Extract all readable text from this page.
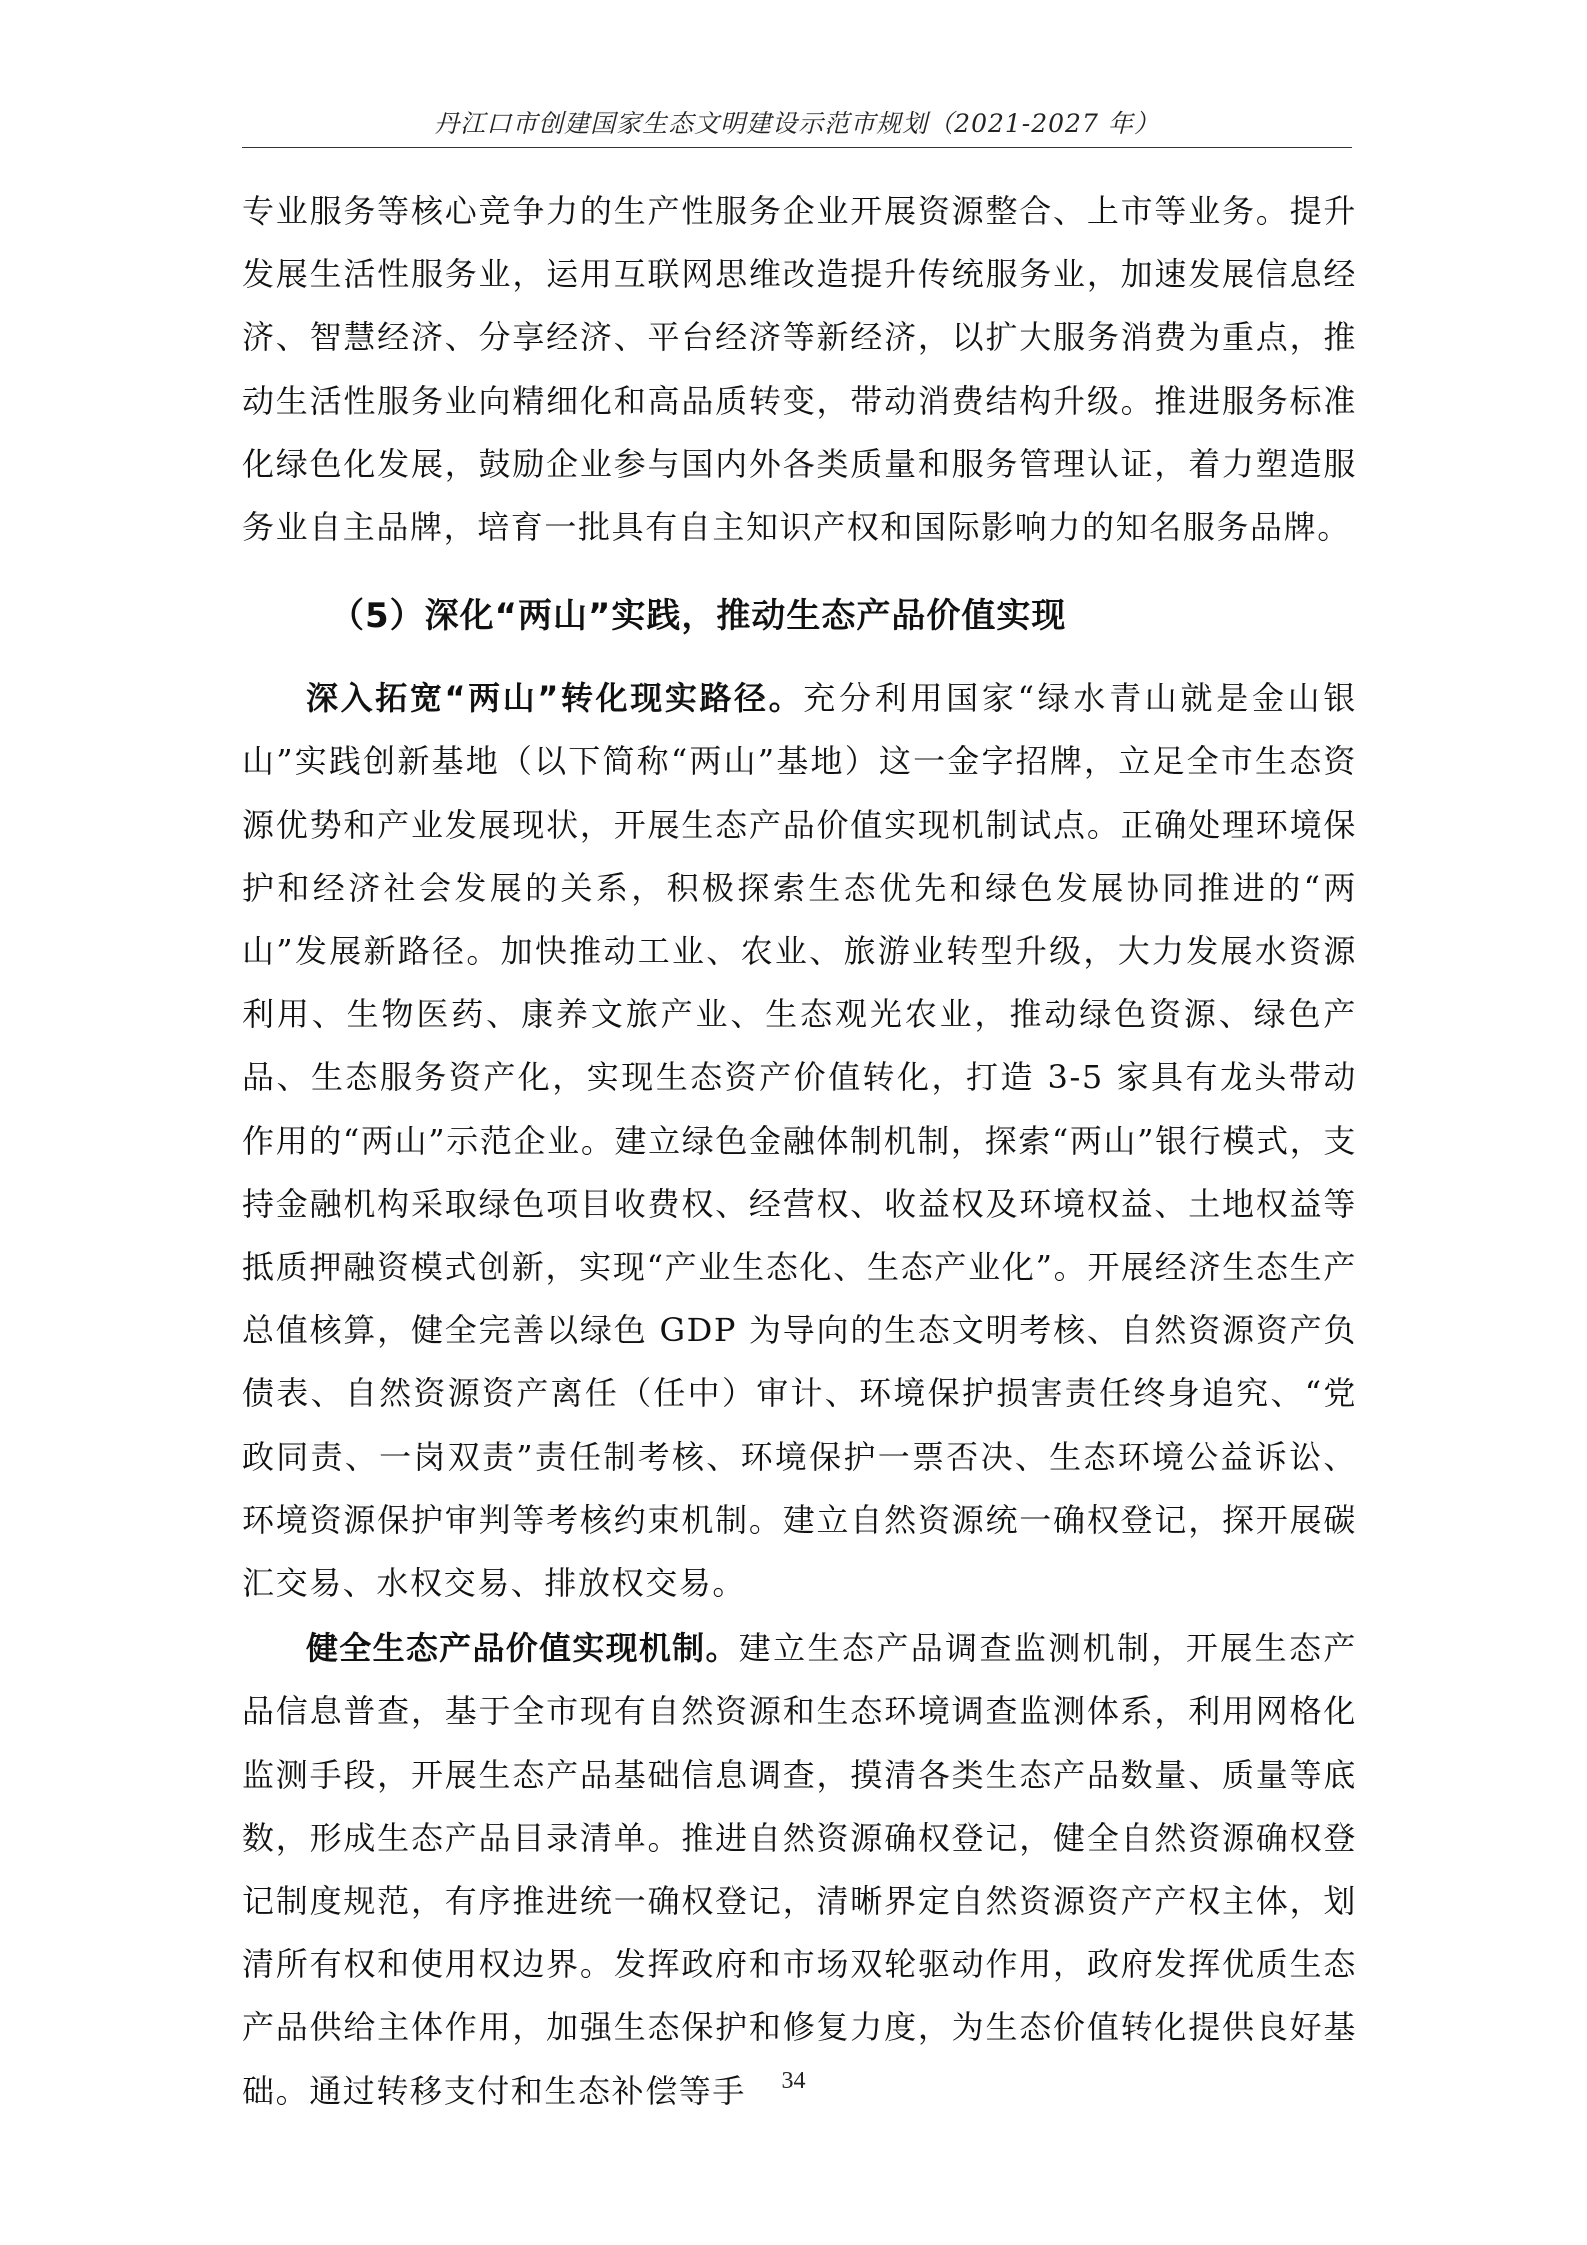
丹江口市创建国家生态文明建设示范市规划（2021-2027 年）

专业服务等核心竞争力的生产性服务企业开展资源整合、上市等业务。提升发展生活性服务业，运用互联网思维改造提升传统服务业，加速发展信息经济、智慧经济、分享经济、平台经济等新经济，以扩大服务消费为重点，推动生活性服务业向精细化和高品质转变，带动消费结构升级。推进服务标准化绿色化发展，鼓励企业参与国内外各类质量和服务管理认证，着力塑造服务业自主品牌，培育一批具有自主知识产权和国际影响力的知名服务品牌。

（5）深化“两山”实践，推动生态产品价值实现

深入拓宽“两山”转化现实路径。充分利用国家“绿水青山就是金山银山”实践创新基地（以下简称“两山”基地）这一金字招牌，立足全市生态资源优势和产业发展现状，开展生态产品价值实现机制试点。正确处理环境保护和经济社会发展的关系，积极探索生态优先和绿色发展协同推进的“两山”发展新路径。加快推动工业、农业、旅游业转型升级，大力发展水资源利用、生物医药、康养文旅产业、生态观光农业，推动绿色资源、绿色产品、生态服务资产化，实现生态资产价值转化，打造 3-5 家具有龙头带动作用的“两山”示范企业。建立绿色金融体制机制，探索“两山”银行模式，支持金融机构采取绿色项目收费权、经营权、收益权及环境权益、土地权益等抵质押融资模式创新，实现“产业生态化、生态产业化”。开展经济生态生产总值核算，健全完善以绿色 GDP 为导向的生态文明考核、自然资源资产负债表、自然资源资产离任（任中）审计、环境保护损害责任终身追究、“党政同责、一岗双责”责任制考核、环境保护一票否决、生态环境公益诉讼、环境资源保护审判等考核约束机制。建立自然资源统一确权登记，探开展碳汇交易、水权交易、排放权交易。

健全生态产品价值实现机制。建立生态产品调查监测机制，开展生态产品信息普查，基于全市现有自然资源和生态环境调查监测体系，利用网格化监测手段，开展生态产品基础信息调查，摸清各类生态产品数量、质量等底数，形成生态产品目录清单。推进自然资源确权登记，健全自然资源确权登记制度规范，有序推进统一确权登记，清晰界定自然资源资产产权主体，划清所有权和使用权边界。发挥政府和市场双轮驱动作用，政府发挥优质生态产品供给主体作用，加强生态保护和修复力度，为生态价值转化提供良好基础。通过转移支付和生态补偿等手	34
